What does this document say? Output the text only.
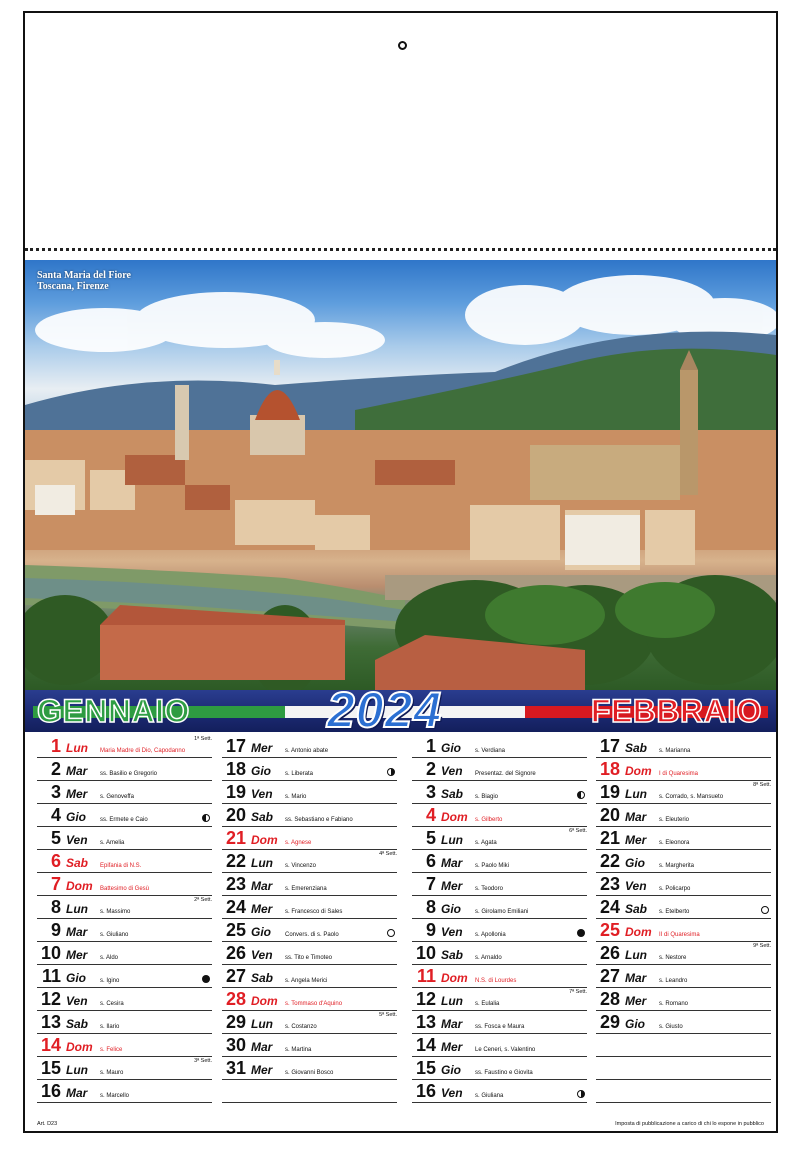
Santa Maria del Fiore
Toscana, Firenze
GENNAIO	2024	FEBBRAIO
1 Lun	Maria Madre di Dio, Capodanno
1ª Sett.
2 Mar	ss. Basilio e Gregorio
3 Mer	s. Genoveffa
4 Gio	ss. Ermete e Caio
5 Ven	s. Amelia
6 Sab	Epifania di N.S.
7 Dom	Battesimo di Gesù
8 Lun	s. Massimo
2ª Sett.
9 Mar	s. Giuliano
10 Mer	s. Aldo
11 Gio	s. Igino
12 Ven	s. Cesira
13 Sab	s. Ilario
14 Dom	s. Felice
15 Lun	s. Mauro
3ª Sett.
16 Mar	s. Marcello
17 Mer	s. Antonio abate
18 Gio	s. Liberata
19 Ven	s. Mario
20 Sab	ss. Sebastiano e Fabiano
21 Dom	s. Agnese
22 Lun	s. Vincenzo
4ª Sett.
23 Mar	s. Emerenziana
24 Mer	s. Francesco di Sales
25 Gio	Convers. di s. Paolo
26 Ven	ss. Tito e Timoteo
27 Sab	s. Angela Merici
28 Dom	s. Tommaso d'Aquino
29 Lun	s. Costanzo
5ª Sett.
30 Mar	s. Martina
31 Mer	s. Giovanni Bosco
1 Gio	s. Verdiana
2 Ven	Presentaz. del Signore
3 Sab	s. Biagio
4 Dom	s. Gilberto
5 Lun	s. Agata
6ª Sett.
6 Mar	s. Paolo Miki
7 Mer	s. Teodoro
8 Gio	s. Girolamo Emiliani
9 Ven	s. Apollonia
10 Sab	s. Arnaldo
11 Dom	N.S. di Lourdes
12 Lun	s. Eulalia
7ª Sett.
13 Mar	ss. Fosca e Maura
14 Mer	Le Ceneri, s. Valentino
15 Gio	ss. Faustino e Giovita
16 Ven	s. Giuliana
17 Sab	s. Marianna
18 Dom	I di Quaresima
19 Lun	s. Corrado, s. Mansueto
8ª Sett.
20 Mar	s. Eleuterio
21 Mer	s. Eleonora
22 Gio	s. Margherita
23 Ven	s. Policarpo
24 Sab	s. Etelberto
25 Dom	II di Quaresima
26 Lun	s. Nestore
9ª Sett.
27 Mar	s. Leandro
28 Mer	s. Romano
29 Gio	s. Giusto
Art. D23	Imposta di pubblicazione a carico di chi lo espone in pubblico
